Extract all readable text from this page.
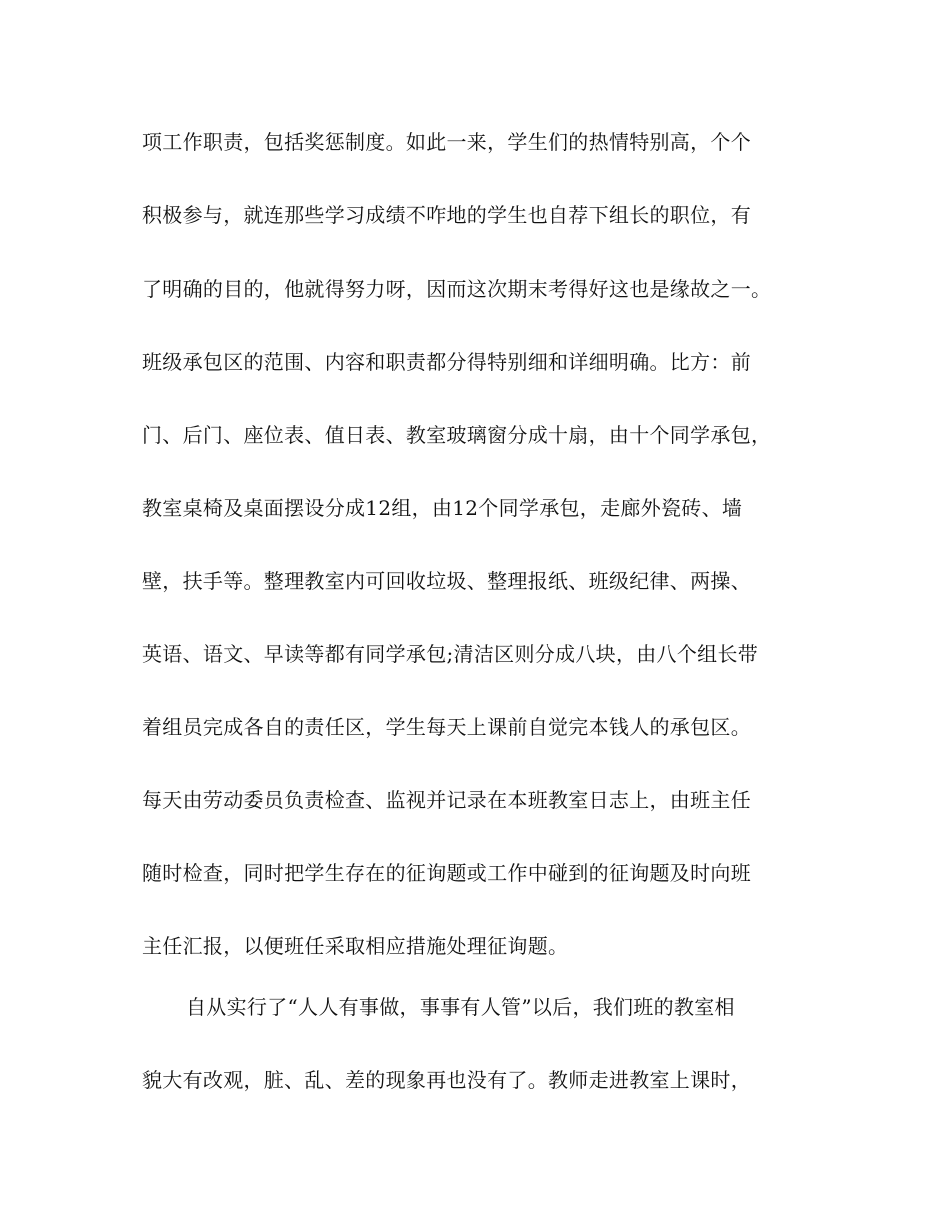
项工作职责，包括奖惩制度。如此一来，学生们的热情特别高，个个
积极参与，就连那些学习成绩不咋地的学生也自荐下组长的职位，有
了明确的目的，他就得努力呀，因而这次期末考得好这也是缘故之一。
班级承包区的范围、内容和职责都分得特别细和详细明确。比方：前
门、后门、座位表、值日表、教室玻璃窗分成十扇，由十个同学承包，
教室桌椅及桌面摆设分成12组，由12个同学承包，走廊外瓷砖、墙
壁，扶手等。整理教室内可回收垃圾、整理报纸、班级纪律、两操、
英语、语文、早读等都有同学承包;清洁区则分成八块，由八个组长带
着组员完成各自的责任区，学生每天上课前自觉完本钱人的承包区。
每天由劳动委员负责检查、监视并记录在本班教室日志上，由班主任
随时检查，同时把学生存在的征询题或工作中碰到的征询题及时向班
主任汇报，以便班任采取相应措施处理征询题。
自从实行了“人人有事做，事事有人管”以后，我们班的教室相
貌大有改观，脏、乱、差的现象再也没有了。教师走进教室上课时，
